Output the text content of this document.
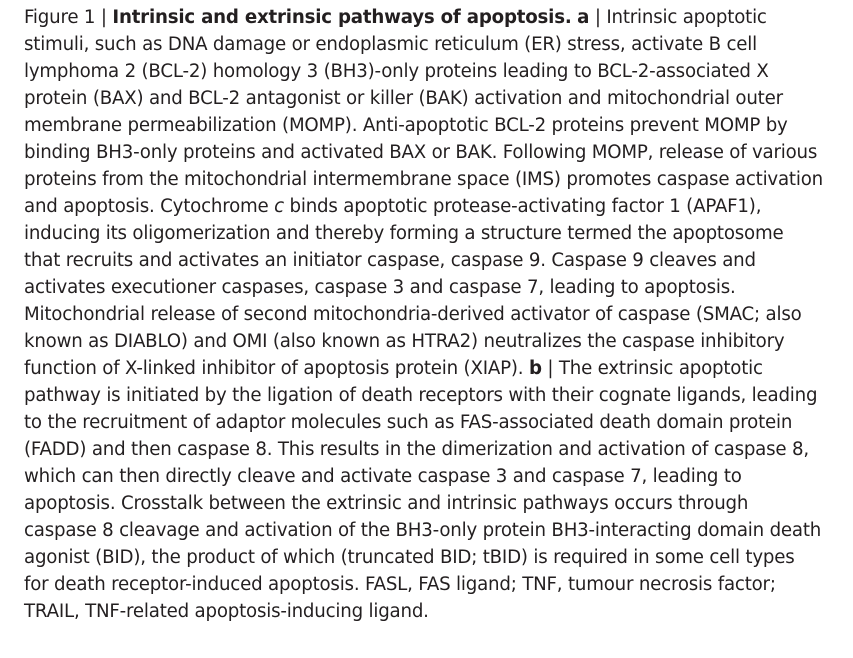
Figure 1 | Intrinsic and extrinsic pathways of apoptosis. a | Intrinsic apoptotic stimuli, such as DNA damage or endoplasmic reticulum (ER) stress, activate B cell lymphoma 2 (BCL-2) homology 3 (BH3)-only proteins leading to BCL-2-associated X protein (BAX) and BCL-2 antagonist or killer (BAK) activation and mitochondrial outer membrane permeabilization (MOMP). Anti-apoptotic BCL-2 proteins prevent MOMP by binding BH3-only proteins and activated BAX or BAK. Following MOMP, release of various proteins from the mitochondrial intermembrane space (IMS) promotes caspase activation and apoptosis. Cytochrome c binds apoptotic protease-activating factor 1 (APAF1), inducing its oligomerization and thereby forming a structure termed the apoptosome that recruits and activates an initiator caspase, caspase 9. Caspase 9 cleaves and activates executioner caspases, caspase 3 and caspase 7, leading to apoptosis. Mitochondrial release of second mitochondria-derived activator of caspase (SMAC; also known as DIABLO) and OMI (also known as HTRA2) neutralizes the caspase inhibitory function of X-linked inhibitor of apoptosis protein (XIAP). b | The extrinsic apoptotic pathway is initiated by the ligation of death receptors with their cognate ligands, leading to the recruitment of adaptor molecules such as FAS-associated death domain protein (FADD) and then caspase 8. This results in the dimerization and activation of caspase 8, which can then directly cleave and activate caspase 3 and caspase 7, leading to apoptosis. Crosstalk between the extrinsic and intrinsic pathways occurs through caspase 8 cleavage and activation of the BH3-only protein BH3-interacting domain death agonist (BID), the product of which (truncated BID; tBID) is required in some cell types for death receptor-induced apoptosis. FASL, FAS ligand; TNF, tumour necrosis factor; TRAIL, TNF-related apoptosis-inducing ligand.
